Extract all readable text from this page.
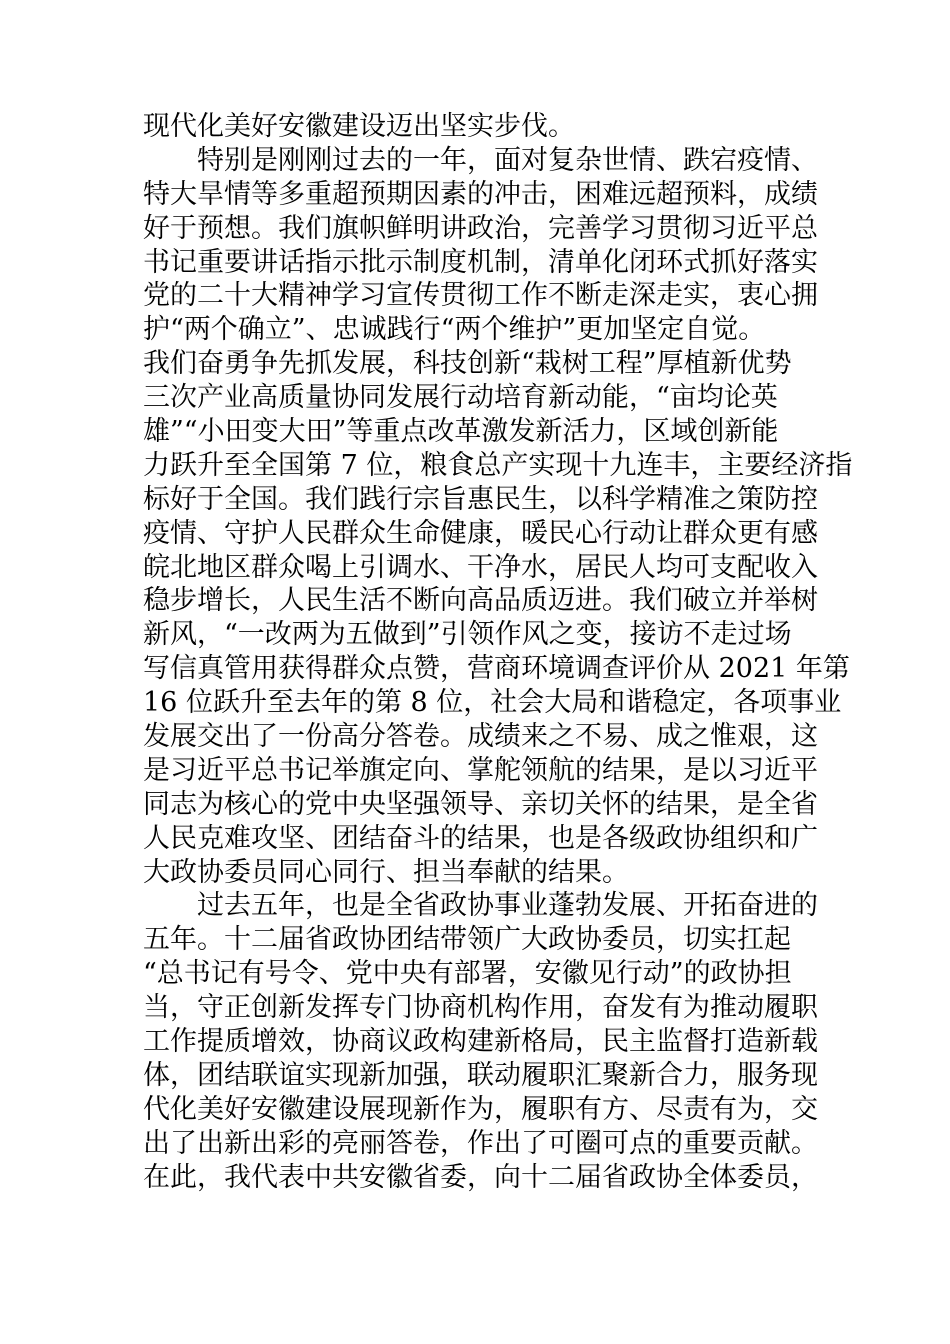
现代化美好安徽建设迈出坚实步伐。
　　特别是刚刚过去的一年，面对复杂世情、跌宕疫情、
特大旱情等多重超预期因素的冲击，困难远超预料，成绩
好于预想。我们旗帜鲜明讲政治，完善学习贯彻习近平总
书记重要讲话指示批示制度机制，清单化闭环式抓好落实
党的二十大精神学习宣传贯彻工作不断走深走实，衷心拥
护“两个确立”、忠诚践行“两个维护”更加坚定自觉。
我们奋勇争先抓发展，科技创新“栽树工程”厚植新优势
三次产业高质量协同发展行动培育新动能，“亩均论英
雄”“小田变大田”等重点改革激发新活力，区域创新能
力跃升至全国第 7 位，粮食总产实现十九连丰，主要经济指
标好于全国。我们践行宗旨惠民生，以科学精准之策防控
疫情、守护人民群众生命健康，暖民心行动让群众更有感
皖北地区群众喝上引调水、干净水，居民人均可支配收入
稳步增长，人民生活不断向高品质迈进。我们破立并举树
新风，“一改两为五做到”引领作风之变，接访不走过场
写信真管用获得群众点赞，营商环境调查评价从 2021 年第
16 位跃升至去年的第 8 位，社会大局和谐稳定，各项事业
发展交出了一份高分答卷。成绩来之不易、成之惟艰，这
是习近平总书记举旗定向、掌舵领航的结果，是以习近平
同志为核心的党中央坚强领导、亲切关怀的结果，是全省
人民克难攻坚、团结奋斗的结果，也是各级政协组织和广
大政协委员同心同行、担当奉献的结果。
　　过去五年，也是全省政协事业蓬勃发展、开拓奋进的
五年。十二届省政协团结带领广大政协委员，切实扛起
“总书记有号令、党中央有部署，安徽见行动”的政协担
当，守正创新发挥专门协商机构作用，奋发有为推动履职
工作提质增效，协商议政构建新格局，民主监督打造新载
体，团结联谊实现新加强，联动履职汇聚新合力，服务现
代化美好安徽建设展现新作为，履职有方、尽责有为，交
出了出新出彩的亮丽答卷，作出了可圈可点的重要贡献。
在此，我代表中共安徽省委，向十二届省政协全体委员，
